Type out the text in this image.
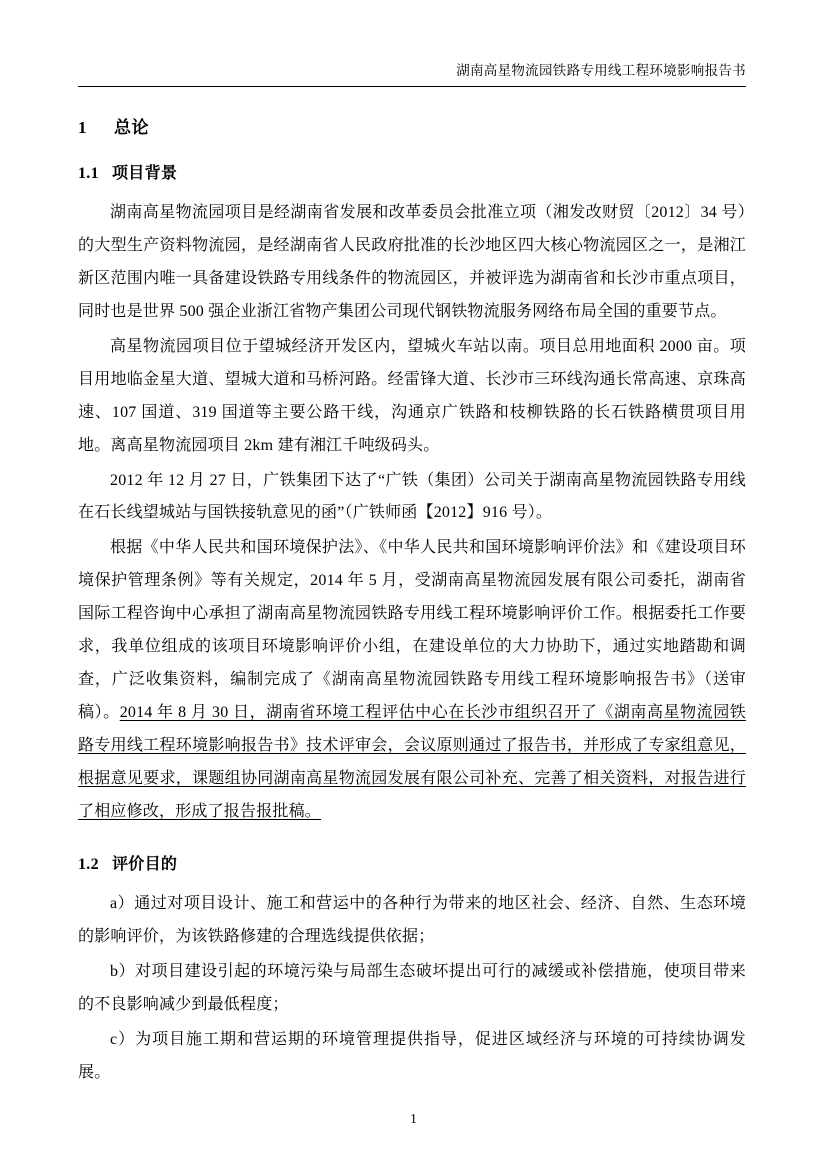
湖南高星物流园铁路专用线工程环境影响报告书
1 总论
1.1 项目背景

湖南高星物流园项目是经湖南省发展和改革委员会批准立项（湘发改财贸〔2012〕34 号）的大型生产资料物流园，是经湖南省人民政府批准的长沙地区四大核心物流园区之一，是湘江新区范围内唯一具备建设铁路专用线条件的物流园区，并被评选为湖南省和长沙市重点项目，同时也是世界 500 强企业浙江省物产集团公司现代钢铁物流服务网络布局全国的重要节点。

高星物流园项目位于望城经济开发区内，望城火车站以南。项目总用地面积 2000 亩。项目用地临金星大道、望城大道和马桥河路。经雷锋大道、长沙市三环线沟通长常高速、京珠高速、107 国道、319 国道等主要公路干线，沟通京广铁路和枝柳铁路的长石铁路横贯项目用地。离高星物流园项目 2km 建有湘江千吨级码头。

2012 年 12 月 27 日，广铁集团下达了“广铁（集团）公司关于湖南高星物流园铁路专用线在石长线望城站与国铁接轨意见的函”（广铁师函【2012】916 号）。

根据《中华人民共和国环境保护法》、《中华人民共和国环境影响评价法》和《建设项目环境保护管理条例》等有关规定，2014 年 5 月，受湖南高星物流园发展有限公司委托，湖南省国际工程咨询中心承担了湖南高星物流园铁路专用线工程环境影响评价工作。根据委托工作要求，我单位组成的该项目环境影响评价小组，在建设单位的大力协助下，通过实地踏勘和调查，广泛收集资料，编制完成了《湖南高星物流园铁路专用线工程环境影响报告书》（送审稿）。2014 年 8 月 30 日，湖南省环境工程评估中心在长沙市组织召开了《湖南高星物流园铁路专用线工程环境影响报告书》技术评审会，会议原则通过了报告书，并形成了专家组意见，根据意见要求，课题组协同湖南高星物流园发展有限公司补充、完善了相关资料，对报告进行了相应修改，形成了报告报批稿。

1.2 评价目的

a）通过对项目设计、施工和营运中的各种行为带来的地区社会、经济、自然、生态环境的影响评价，为该铁路修建的合理选线提供依据；

b）对项目建设引起的环境污染与局部生态破坏提出可行的减缓或补偿措施，使项目带来的不良影响减少到最低程度；

c）为项目施工期和营运期的环境管理提供指导，促进区域经济与环境的可持续协调发展。

1
